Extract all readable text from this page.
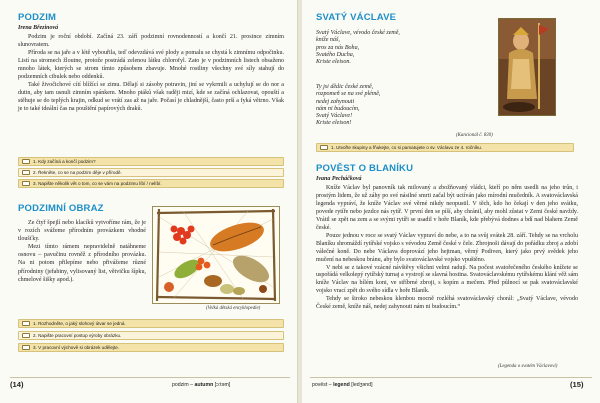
PODZIM
Irena Březinová

Podzim je roční období. Začíná 23. září podzimní rovnodenností a končí 21. prosince zimním slunovratem.

Příroda se na jaře a v létě vybouřila, teď odevzdává své plody a pomalu se chystá k zimnímu odpočinku. Listí na stromech žloutne, protože postrádá zelenou látku chlorofyl. Zato je v podzimních listech obsaženo mnoho látek, kterých se strom tímto způsobem zbavuje. Mnohé rostliny všechny své síly stahují do podzemních cibulek nebo oddenků.

Také živočichové cítí blížící se zimu. Dělají si zásoby potravin, jiní se vykrmili a uchylují se do nor a dutin, aby tam usnuli zimním spánkem. Mnoho ptáků však raději mizí, kde se začíná ochlazovat, opouští a stěhuje se do teplých krajin, odkud se vrátí zas až na jaře. Počasí je chladnější, často prší a fyká větrno. Však je to také ideální čas na pouštění papírových draků.

1. Kdy začíná a končí podzim?
2. Řekněte, co se na podzim děje v přírodě.
3. Napište několik vět o tom, co se vám na podzimu líbí / nelíbí.
PODZIMNÍ OBRAZ

Ze čtyř špejlí nebo klacíků vytvoříme rám, že je v rozích svážeme přírodním provázkem vhodné tloušťky.

Mezi tímto rámem nepravidelně natáhneme osnovu – pavučinu rovněž z přírodního provázku. Na ni potom přilepíme nebo přivážeme různé přírodniny (jeřabiny, vylisovaný list, větvičku šípku, chmelové šišky apod.).

(Velká dětská encyklopedie)
1. Rozhodněte, o jaký slohový útvar se jedná.
2. Napište pracovní postup výroby obrázku.
3. V pracovní výchově si obrázek udělejte.
(14)	podzim – autumn [ɔ:təm]
SVATÝ VÁCLAVE
Svatý Václave, vévodo české země,
kníže náš,
pros za nás Boha,
Svatého Ducha,
Kriste eleison.
Ty jsi dědic české země,
rozpomeň se na své plémě,
nedej zahynouti
nám ni budoucím,
Svatý Václave!
Kriste eleison!
(Kancionál č. 830)
1. Utvořte skupiny a fňukejte, co si pamatujete o sv. Václavu ze 4. ročníku.
POVĚST O BLANÍKU
Ivana Pecháčková

Kníže Václav byl panovník tak milovaný a zbožňovaný vládci, kteří po něm usedli na jeho trůn, i prostým lidem, že už záhy po své násilné smrti začal být uctíván jako mírodní mučedník. A svatováclavská legenda vypráví, že kníže Václav své věrné nikdy neopustil. V těch, kdo ho čekají v den jeho svátku, povede rytíře nebo jezdce nás rytíř. V první den se píší, aby chránil, aby mohl zůstat v Zemi české navždy. Vrátil se zpět na zem a se svými rytíři se usadil v hoře Blaník, kde přebývá dodnes a bdí nad blahem Země české.

Pouze jednou v roce se svatý Václav vypraví do nebe, a to na svůj svátek 28. září. Tehdy se na vrcholu Blaníku shromáždí rytířské vojsko s vévodou Země české v čele. Zbrojnoši dávají do pořádku zbroj a zdobí válečné koně. Do nebe Václava doprovází jeho hejtman, věrný Podiven, který jako prvý svědek jeho mučení na nebeskou bránu, aby bylo svatováclavské vojsko vpuštěno.

V nebi se z takové vzácné návštěvy všichni velmi radují. Na počest svatořečeného českého knížete se uspořádá velkolepý rytířský turnaj a vystrojí se slavná hostina. Svatováclavskému rytířskému klání věž sám kníže Václav na bílém koni, ve stříbrné zbroji, s kopím a mečem. Před půlnocí se pak svatováclavské vojsko vrací zpět do svého sídla v hoře Blaník.

Tehdy se široko nebeskou klenbou mocně rozléhá svatováclavský chorál: „Svatý Václave, vévodo České země, kníže náš, nedej zahynouti nám ni budoucím.“

(Legenda o svatém Václavovi)
pověst – legend [ledʒənd]	(15)
